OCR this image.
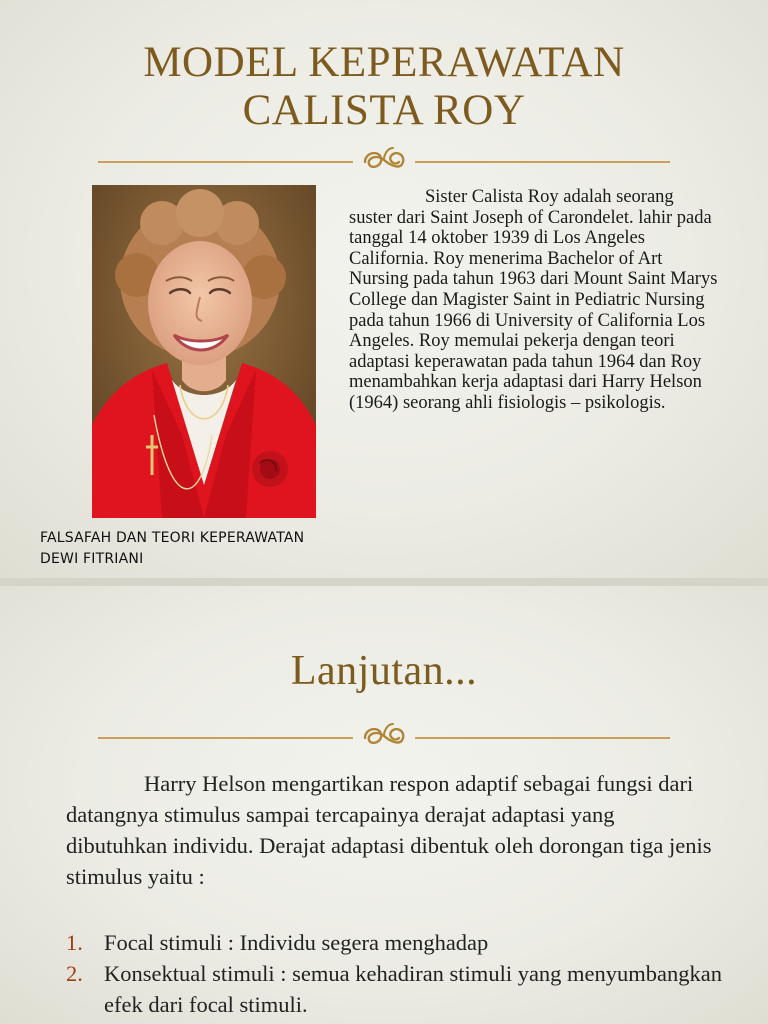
MODEL KEPERAWATAN
CALISTA ROY

Sister Calista Roy adalah seorang suster dari Saint Joseph of Carondelet. lahir pada tanggal 14 oktober 1939 di Los Angeles California. Roy menerima Bachelor of Art Nursing pada tahun 1963 dari Mount Saint Marys College dan Magister Saint in Pediatric Nursing pada tahun 1966 di University of California Los Angeles. Roy memulai pekerja dengan teori adaptasi keperawatan pada tahun 1964 dan Roy menambahkan kerja adaptasi dari Harry Helson (1964) seorang ahli fisiologis – psikologis.

FALSAFAH DAN TEORI KEPERAWATAN
DEWI FITRIANI
Lanjutan...

Harry Helson mengartikan respon adaptif sebagai fungsi dari datangnya stimulus sampai tercapainya derajat adaptasi yang dibutuhkan individu. Derajat adaptasi dibentuk oleh dorongan tiga jenis stimulus yaitu :

1. Focal stimuli : Individu segera menghadap
2. Konsektual stimuli : semua kehadiran stimuli yang menyumbangkan efek dari focal stimuli.
